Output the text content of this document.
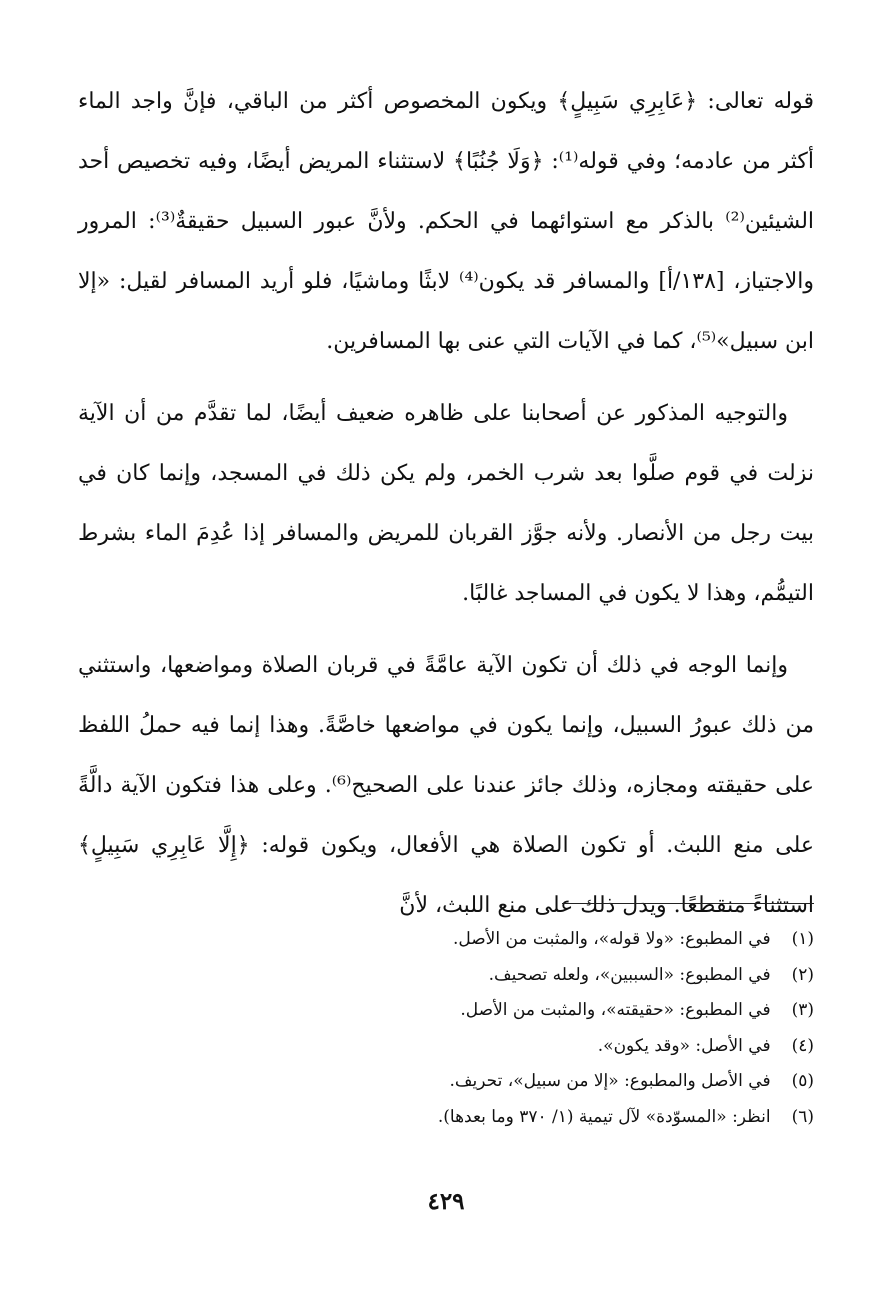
قوله تعالى: ﴿عَابِرِي سَبِيلٍ﴾ ويكون المخصوص أكثر من الباقي، فإنَّ واجد الماء أكثر من عادمه؛ وفي قوله⁽¹⁾: ﴿وَلَا جُنُبًا﴾ لاستثناء المريض أيضًا، وفيه تخصيص أحد الشيئين⁽²⁾ بالذكر مع استوائهما في الحكم. ولأنَّ عبور السبيل حقيقةٌ⁽³⁾: المرور والاجتياز، [١٣٨/أ] والمسافر قد يكون⁽⁴⁾ لابثًا وماشيًا، فلو أريد المسافر لقيل: «إلا ابن سبيل»⁽⁵⁾، كما في الآيات التي عنى بها المسافرين.

والتوجيه المذكور عن أصحابنا على ظاهره ضعيف أيضًا، لما تقدَّم من أن الآية نزلت في قوم صلَّوا بعد شرب الخمر، ولم يكن ذلك في المسجد، وإنما كان في بيت رجل من الأنصار. ولأنه جوَّز القربان للمريض والمسافر إذا عُدِمَ الماء بشرط التيمُّم، وهذا لا يكون في المساجد غالبًا.

وإنما الوجه في ذلك أن تكون الآية عامَّةً في قربان الصلاة ومواضعها، واستثني من ذلك عبورُ السبيل، وإنما يكون في مواضعها خاصَّةً. وهذا إنما فيه حملُ اللفظ على حقيقته ومجازه، وذلك جائز عندنا على الصحيح⁽⁶⁾. وعلى هذا فتكون الآية دالَّةً على منع اللبث. أو تكون الصلاة هي الأفعال، ويكون قوله: ﴿إِلَّا عَابِرِي سَبِيلٍ﴾ استثناءً منقطعًا. ويدل ذلك على منع اللبث، لأنَّ

(١) في المطبوع: «ولا قوله»، والمثبت من الأصل.

(٢) في المطبوع: «السببين»، ولعله تصحيف.

(٣) في المطبوع: «حقيقته»، والمثبت من الأصل.

(٤) في الأصل: «وقد يكون».

(٥) في الأصل والمطبوع: «إلا من سبيل»، تحريف.

(٦) انظر: «المسوّدة» لآل تيمية (١/ ٣٧٠ وما بعدها).

٤٢٩
